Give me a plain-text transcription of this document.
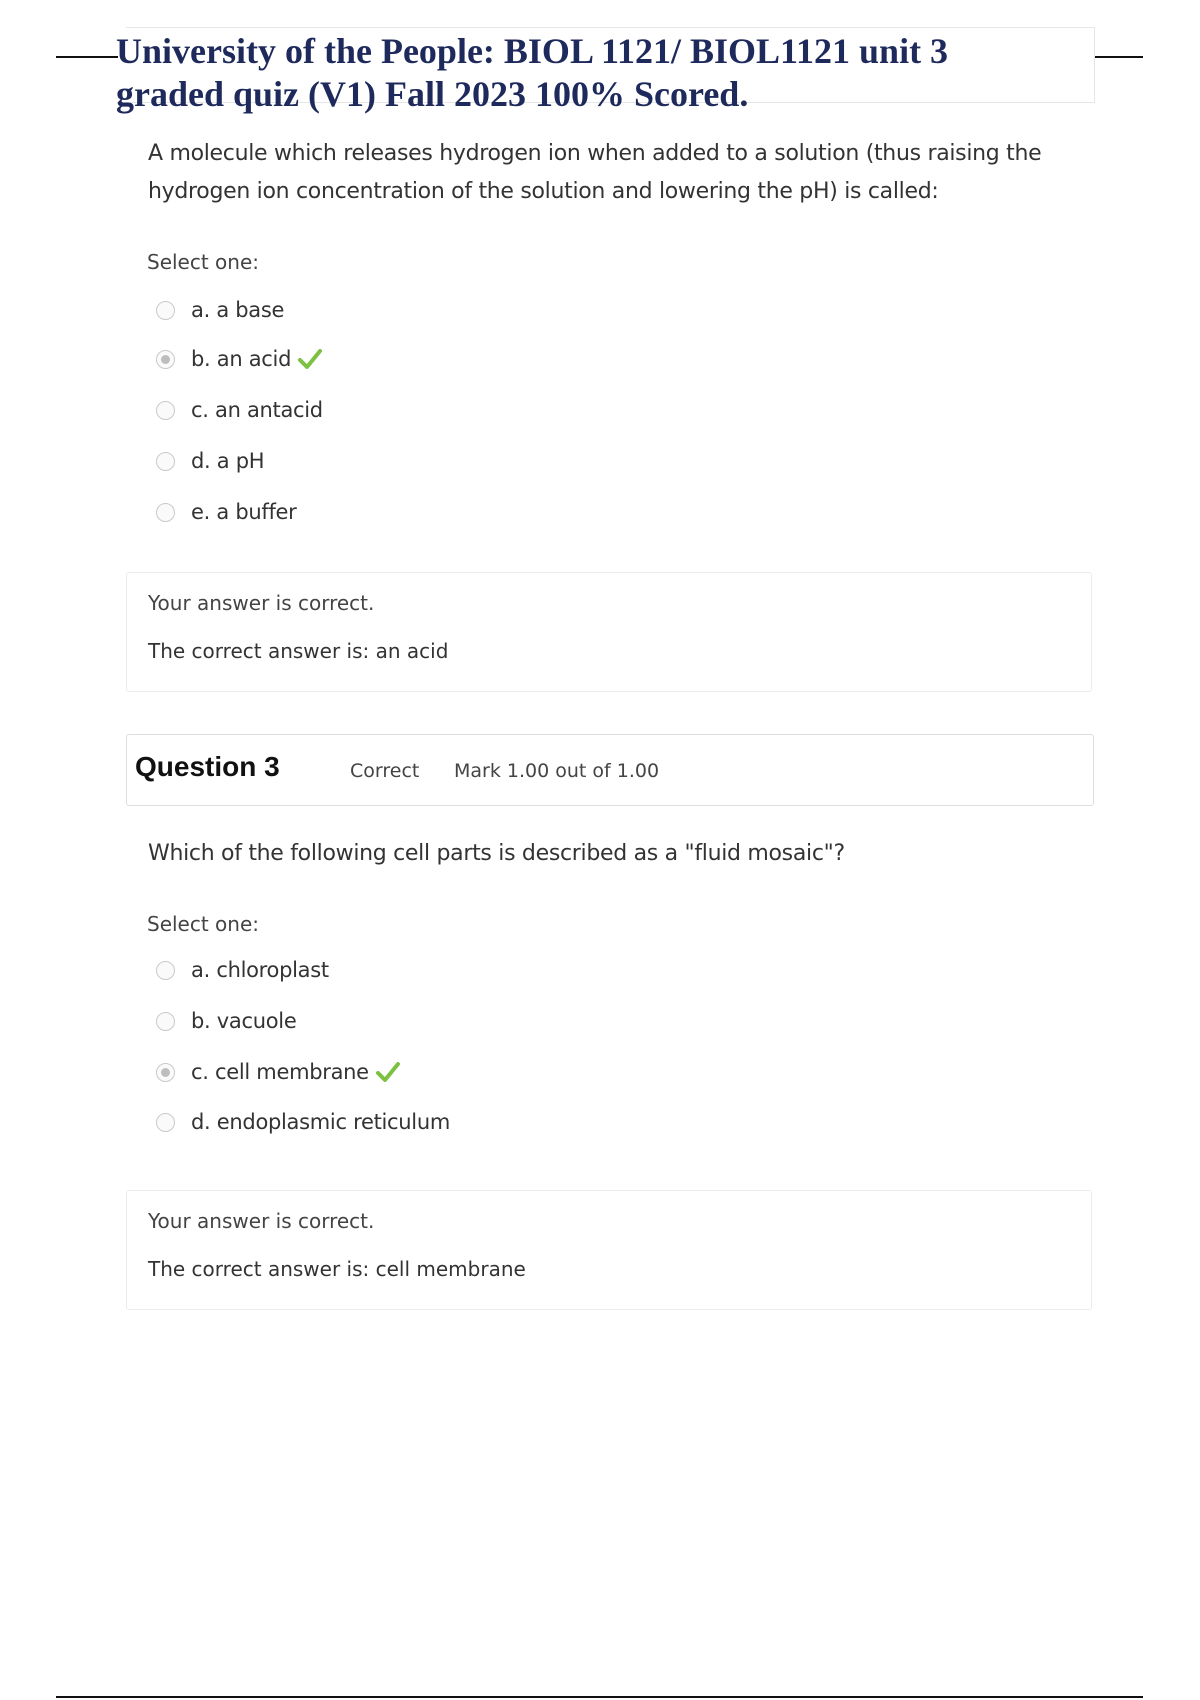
University of the People: BIOL 1121/ BIOL1121 unit 3 graded quiz (V1) Fall 2023 100% Scored.
A molecule which releases hydrogen ion when added to a solution (thus raising the hydrogen ion concentration of the solution and lowering the pH) is called:
Select one:
a. a base
b. an acid
c. an antacid
d. a pH
e. a buffer
Your answer is correct.
The correct answer is: an acid
Question 3	Correct Mark 1.00 out of 1.00
Which of the following cell parts is described as a "fluid mosaic"?
Select one:
a. chloroplast
b. vacuole
c. cell membrane
d. endoplasmic reticulum
Your answer is correct.
The correct answer is: cell membrane
